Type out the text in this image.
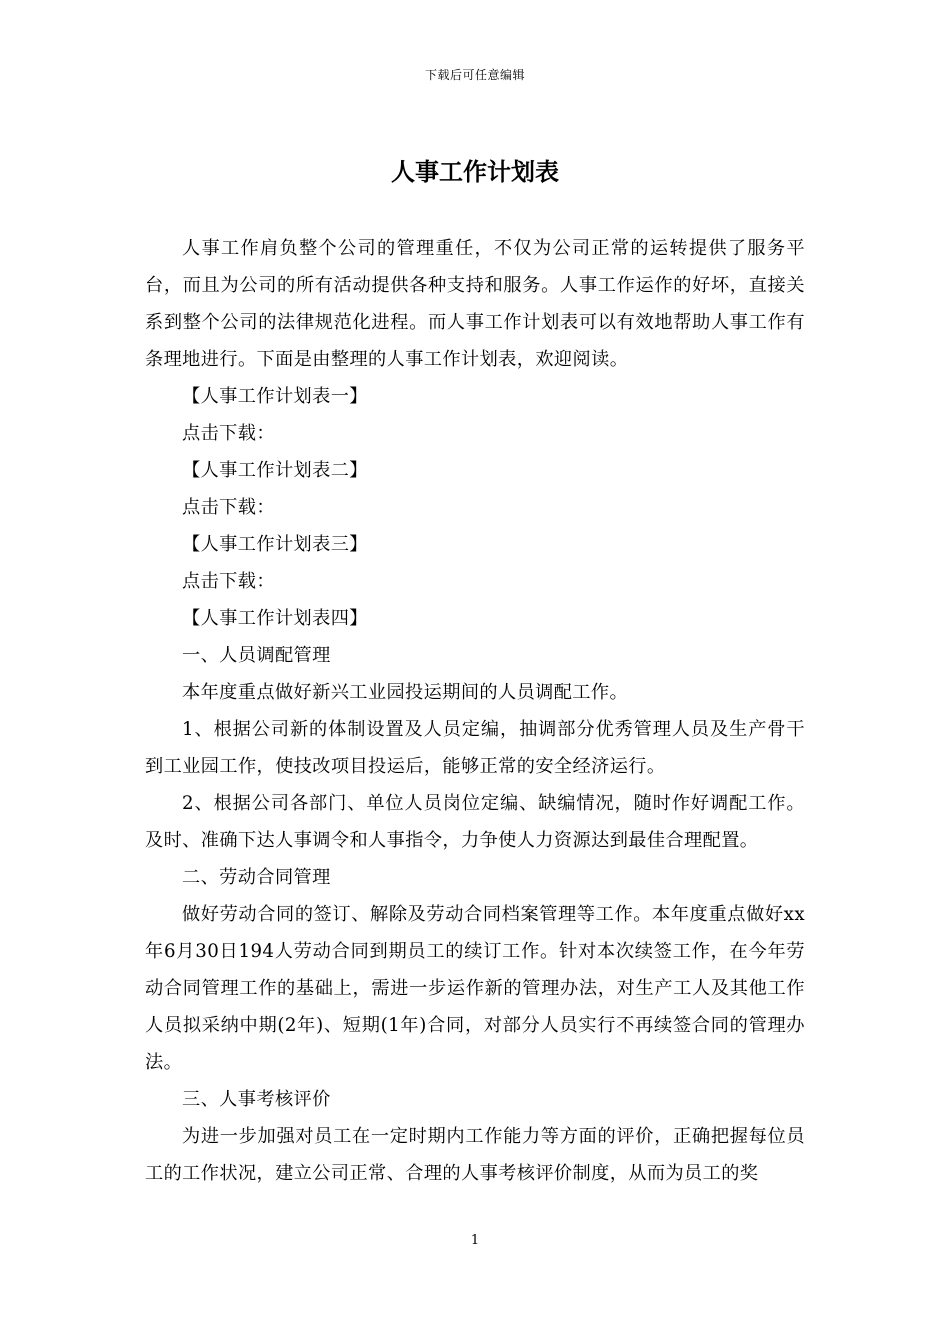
下载后可任意编辑
人事工作计划表

人事工作肩负整个公司的管理重任，不仅为公司正常的运转提供了服务平台，而且为公司的所有活动提供各种支持和服务。人事工作运作的好坏，直接关系到整个公司的法律规范化进程。而人事工作计划表可以有效地帮助人事工作有条理地进行。下面是由整理的人事工作计划表，欢迎阅读。

【人事工作计划表一】

点击下载：

【人事工作计划表二】

点击下载：

【人事工作计划表三】

点击下载：

【人事工作计划表四】

一、人员调配管理

本年度重点做好新兴工业园投运期间的人员调配工作。

1、根据公司新的体制设置及人员定编，抽调部分优秀管理人员及生产骨干到工业园工作，使技改项目投运后，能够正常的安全经济运行。

2、根据公司各部门、单位人员岗位定编、缺编情况，随时作好调配工作。及时、准确下达人事调令和人事指令，力争使人力资源达到最佳合理配置。

二、劳动合同管理

做好劳动合同的签订、解除及劳动合同档案管理等工作。本年度重点做好xx年6月30日194人劳动合同到期员工的续订工作。针对本次续签工作，在今年劳动合同管理工作的基础上，需进一步运作新的管理办法，对生产工人及其他工作人员拟采纳中期(2年)、短期(1年)合同，对部分人员实行不再续签合同的管理办法。

三、人事考核评价

为进一步加强对员工在一定时期内工作能力等方面的评价，正确把握每位员工的工作状况，建立公司正常、合理的人事考核评价制度，从而为员工的奖

1
